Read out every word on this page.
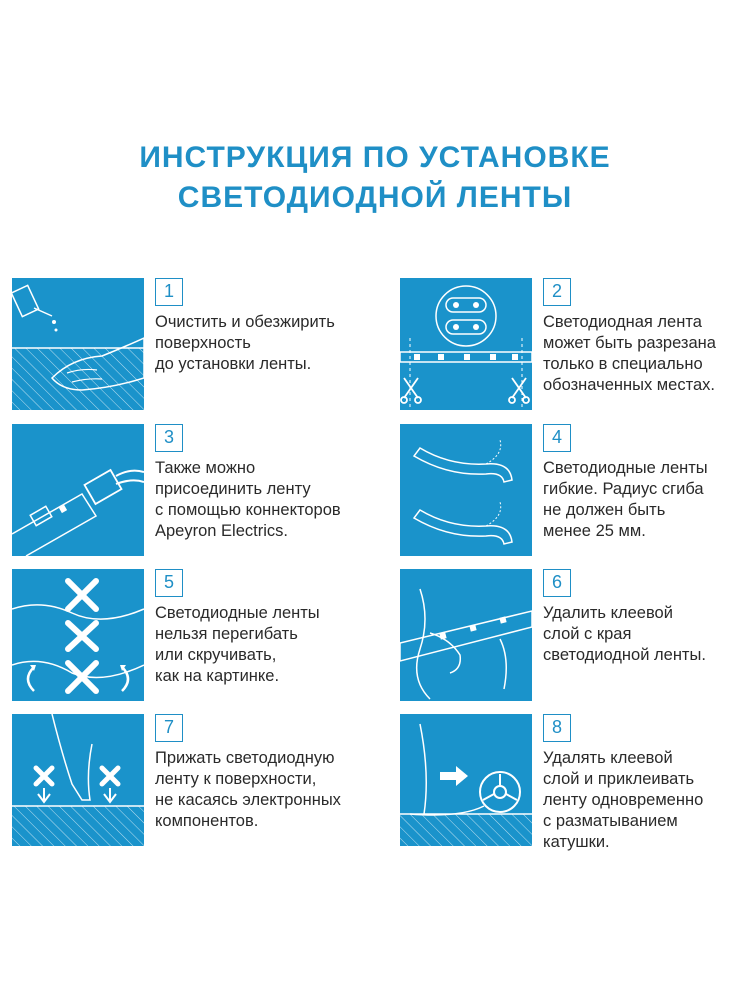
ИНСТРУКЦИЯ ПО УСТАНОВКЕ
СВЕТОДИОДНОЙ ЛЕНТЫ
1

Очистить и обезжирить
поверхность
до установки ленты.

2

Светодиодная лента
может быть разрезана
только в специально
обозначенных местах.

3

Также можно
присоединить ленту
с помощью коннекторов
Apeyron Electrics.

4

Светодиодные ленты
гибкие. Радиус сгиба
не должен быть
менее 25 мм.

5

Светодиодные ленты
нельзя перегибать
или скручивать,
как на картинке.

6

Удалить клеевой
слой с края
светодиодной ленты.

7

Прижать светодиодную
ленту к поверхности,
не касаясь электронных
компонентов.

8

Удалять клеевой
слой и приклеивать
ленту одновременно
с разматыванием
катушки.
